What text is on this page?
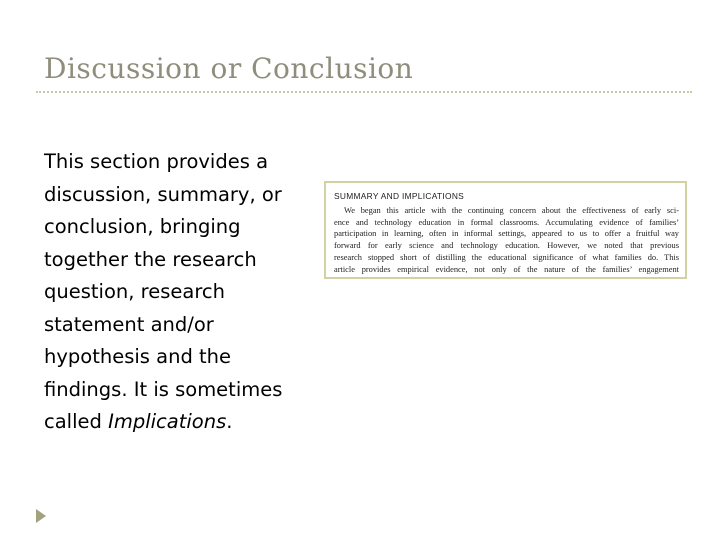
Discussion or Conclusion
This section provides a
discussion, summary, or
conclusion, bringing
together the research
question, research
statement and/or
hypothesis and the
findings. It is sometimes
called Implications.
SUMMARY AND IMPLICATIONS
We began this article with the continuing concern about the effectiveness of early sci-
ence and technology education in formal classrooms. Accumulating evidence of families’
participation in learning, often in informal settings, appeared to us to offer a fruitful way
forward for early science and technology education. However, we noted that previous
research stopped short of distilling the educational significance of what families do. This
article provides empirical evidence, not only of the nature of the families’ engagement
